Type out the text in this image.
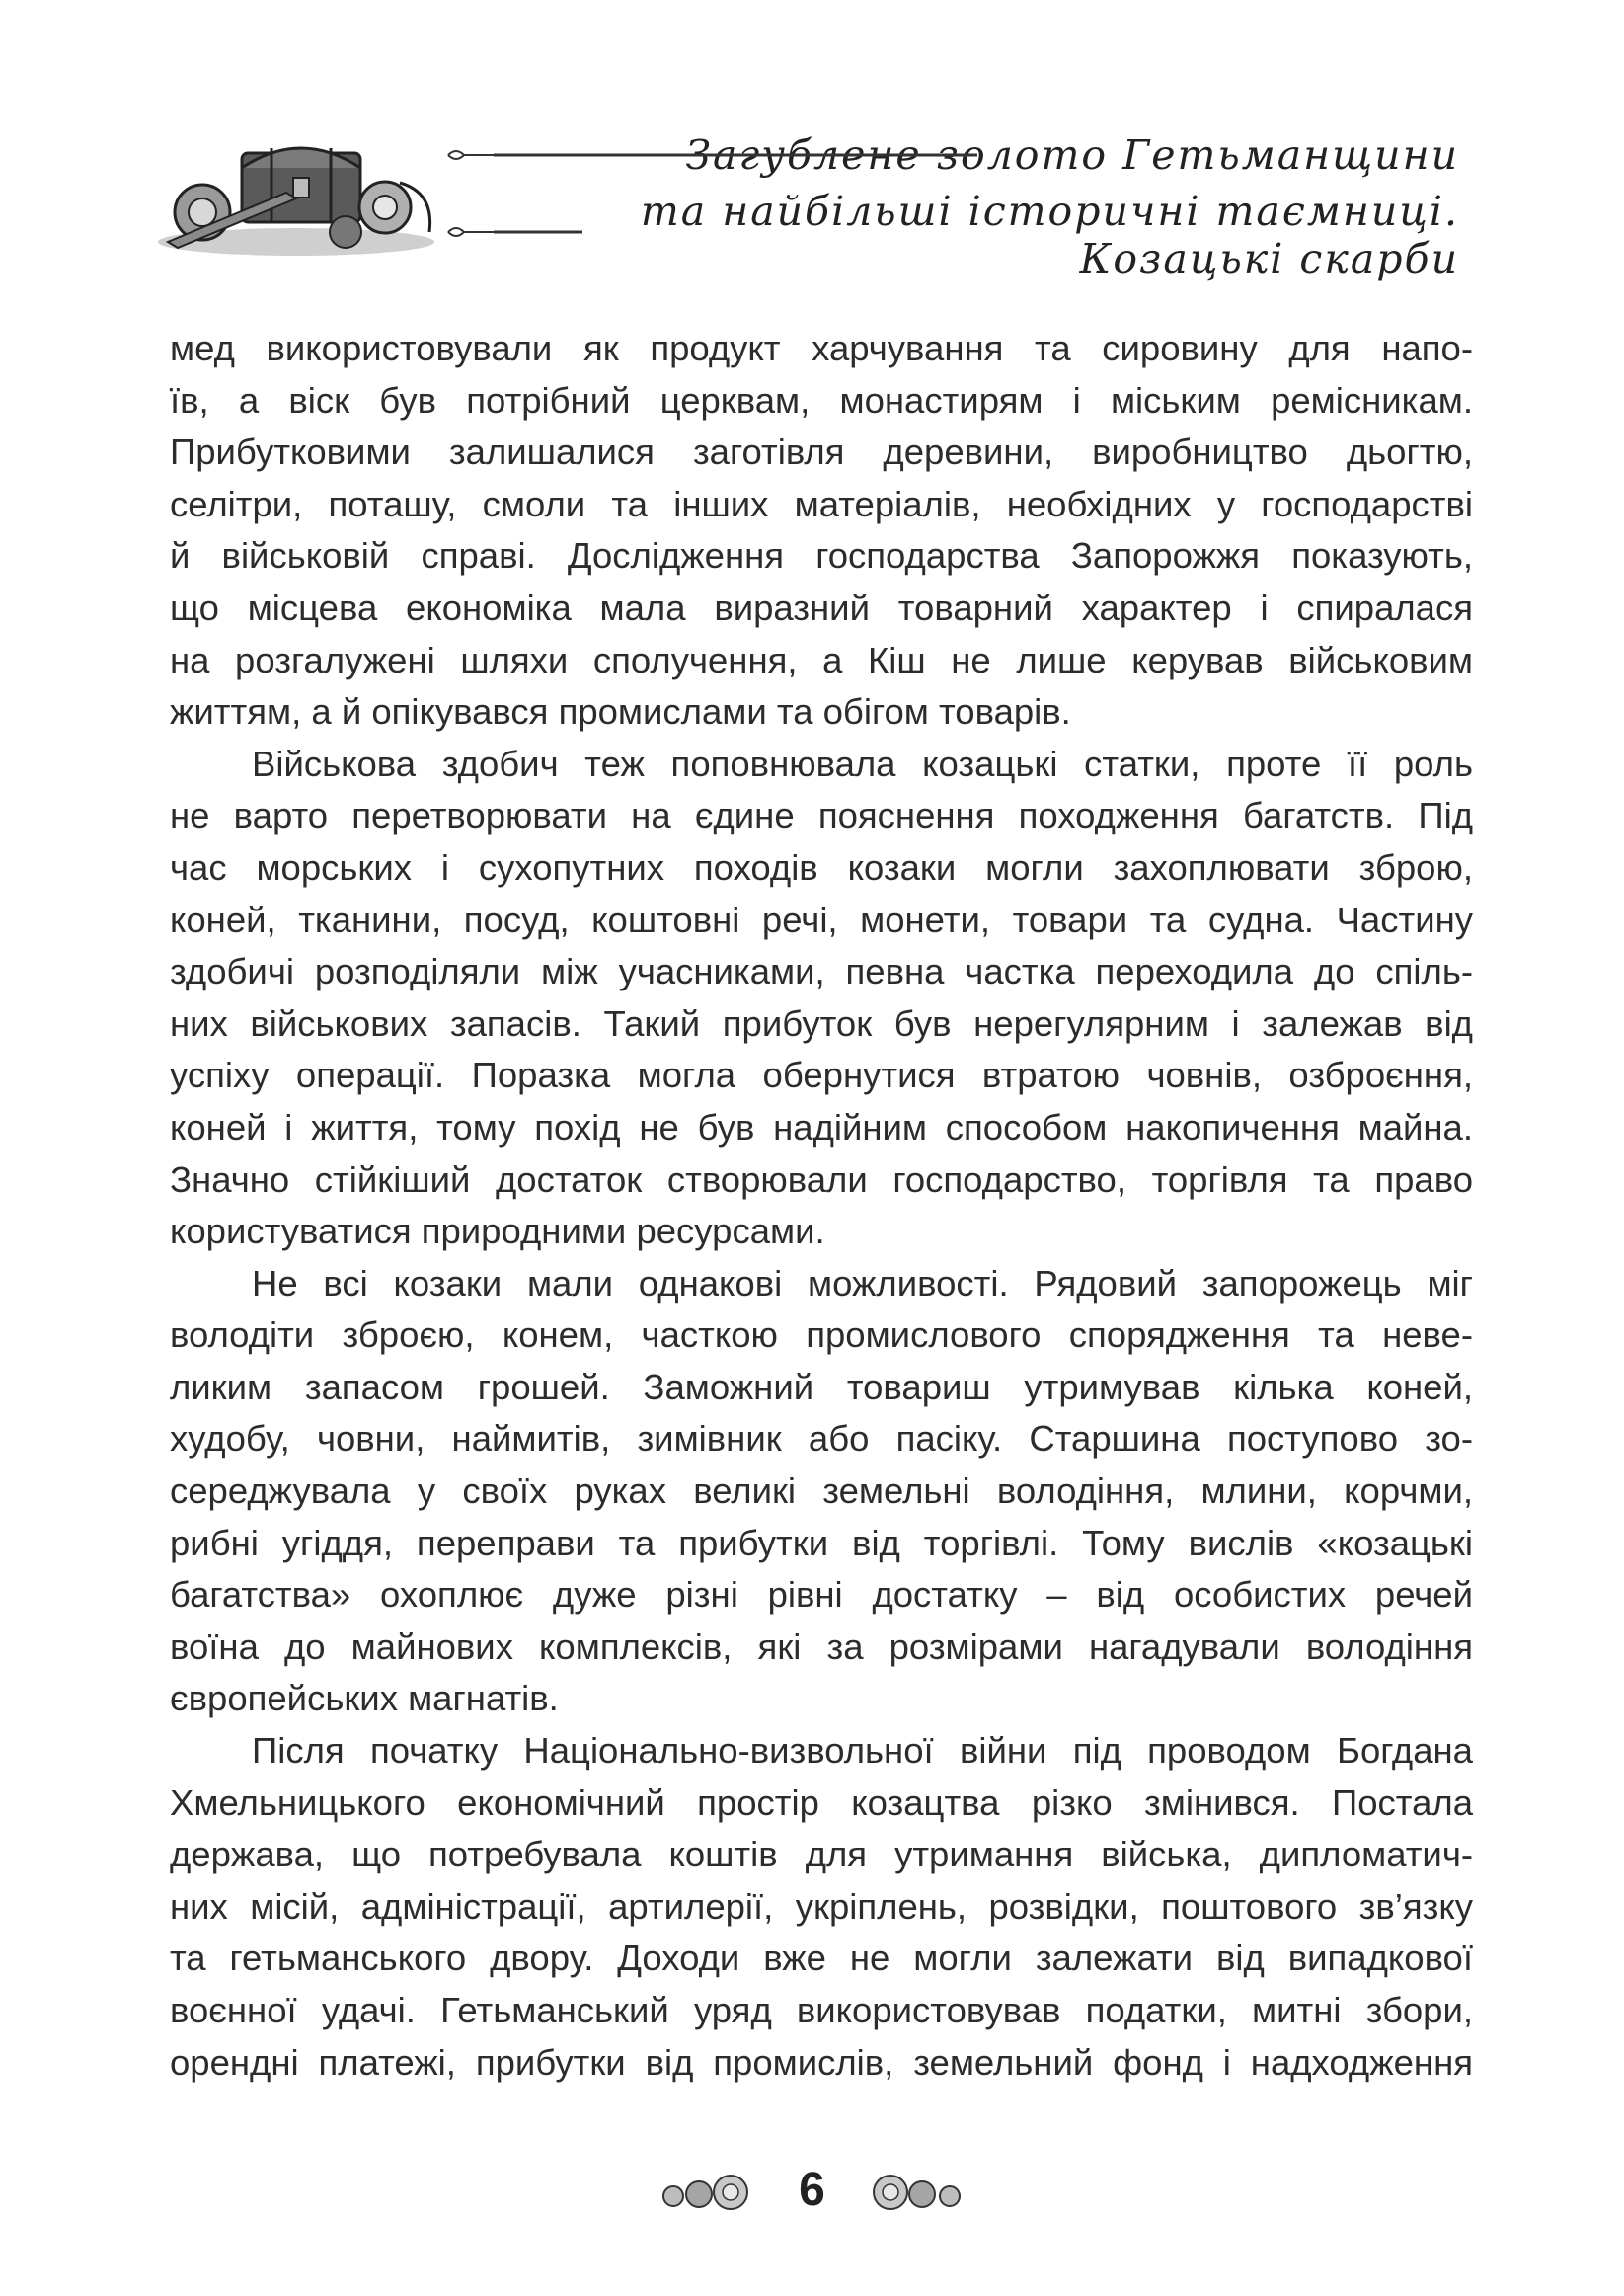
Загублене золото Гетьманщини
та найбільші історичні таємниці. Козацькі скарби

мед використовували як продукт харчування та сировину для напо-

їв, а віск був потрібний церквам, монастирям і міським ремісникам.

Прибутковими залишалися заготівля деревини, виробництво дьогтю,

селітри, поташу, смоли та інших матеріалів, необхідних у господарстві

й військовій справі. Дослідження господарства Запорожжя показують,

що місцева економіка мала виразний товарний характер і спиралася

на розгалужені шляхи сполучення, а Кіш не лише керував військовим

життям, а й опікувався промислами та обігом товарів.

Військова здобич теж поповнювала козацькі статки, проте її роль

не варто перетворювати на єдине пояснення походження багатств. Під

час морських і сухопутних походів козаки могли захоплювати зброю,

коней, тканини, посуд, коштовні речі, монети, товари та судна. Частину

здобичі розподіляли між учасниками, певна частка переходила до спіль-

них військових запасів. Такий прибуток був нерегулярним і залежав від

успіху операції. Поразка могла обернутися втратою човнів, озброєння,

коней і життя, тому похід не був надійним способом накопичення майна.

Значно стійкіший достаток створювали господарство, торгівля та право

користуватися природними ресурсами.

Не всі козаки мали однакові можливості. Рядовий запорожець міг

володіти зброєю, конем, часткою промислового спорядження та неве-

ликим запасом грошей. Заможний товариш утримував кілька коней,

худобу, човни, наймитів, зимівник або пасіку. Старшина поступово зо-

середжувала у своїх руках великі земельні володіння, млини, корчми,

рибні угіддя, переправи та прибутки від торгівлі. Тому вислів «козацькі

багатства» охоплює дуже різні рівні достатку – від особистих речей

воїна до майнових комплексів, які за розмірами нагадували володіння

європейських магнатів.

Після початку Національно-визвольної війни під проводом Богдана

Хмельницького економічний простір козацтва різко змінився. Постала

держава, що потребувала коштів для утримання війська, дипломатич-

них місій, адміністрації, артилерії, укріплень, розвідки, поштового зв’язку

та гетьманського двору. Доходи вже не могли залежати від випадкової

воєнної удачі. Гетьманський уряд використовував податки, митні збори,

орендні платежі, прибутки від промислів, земельний фонд і надходження

6
